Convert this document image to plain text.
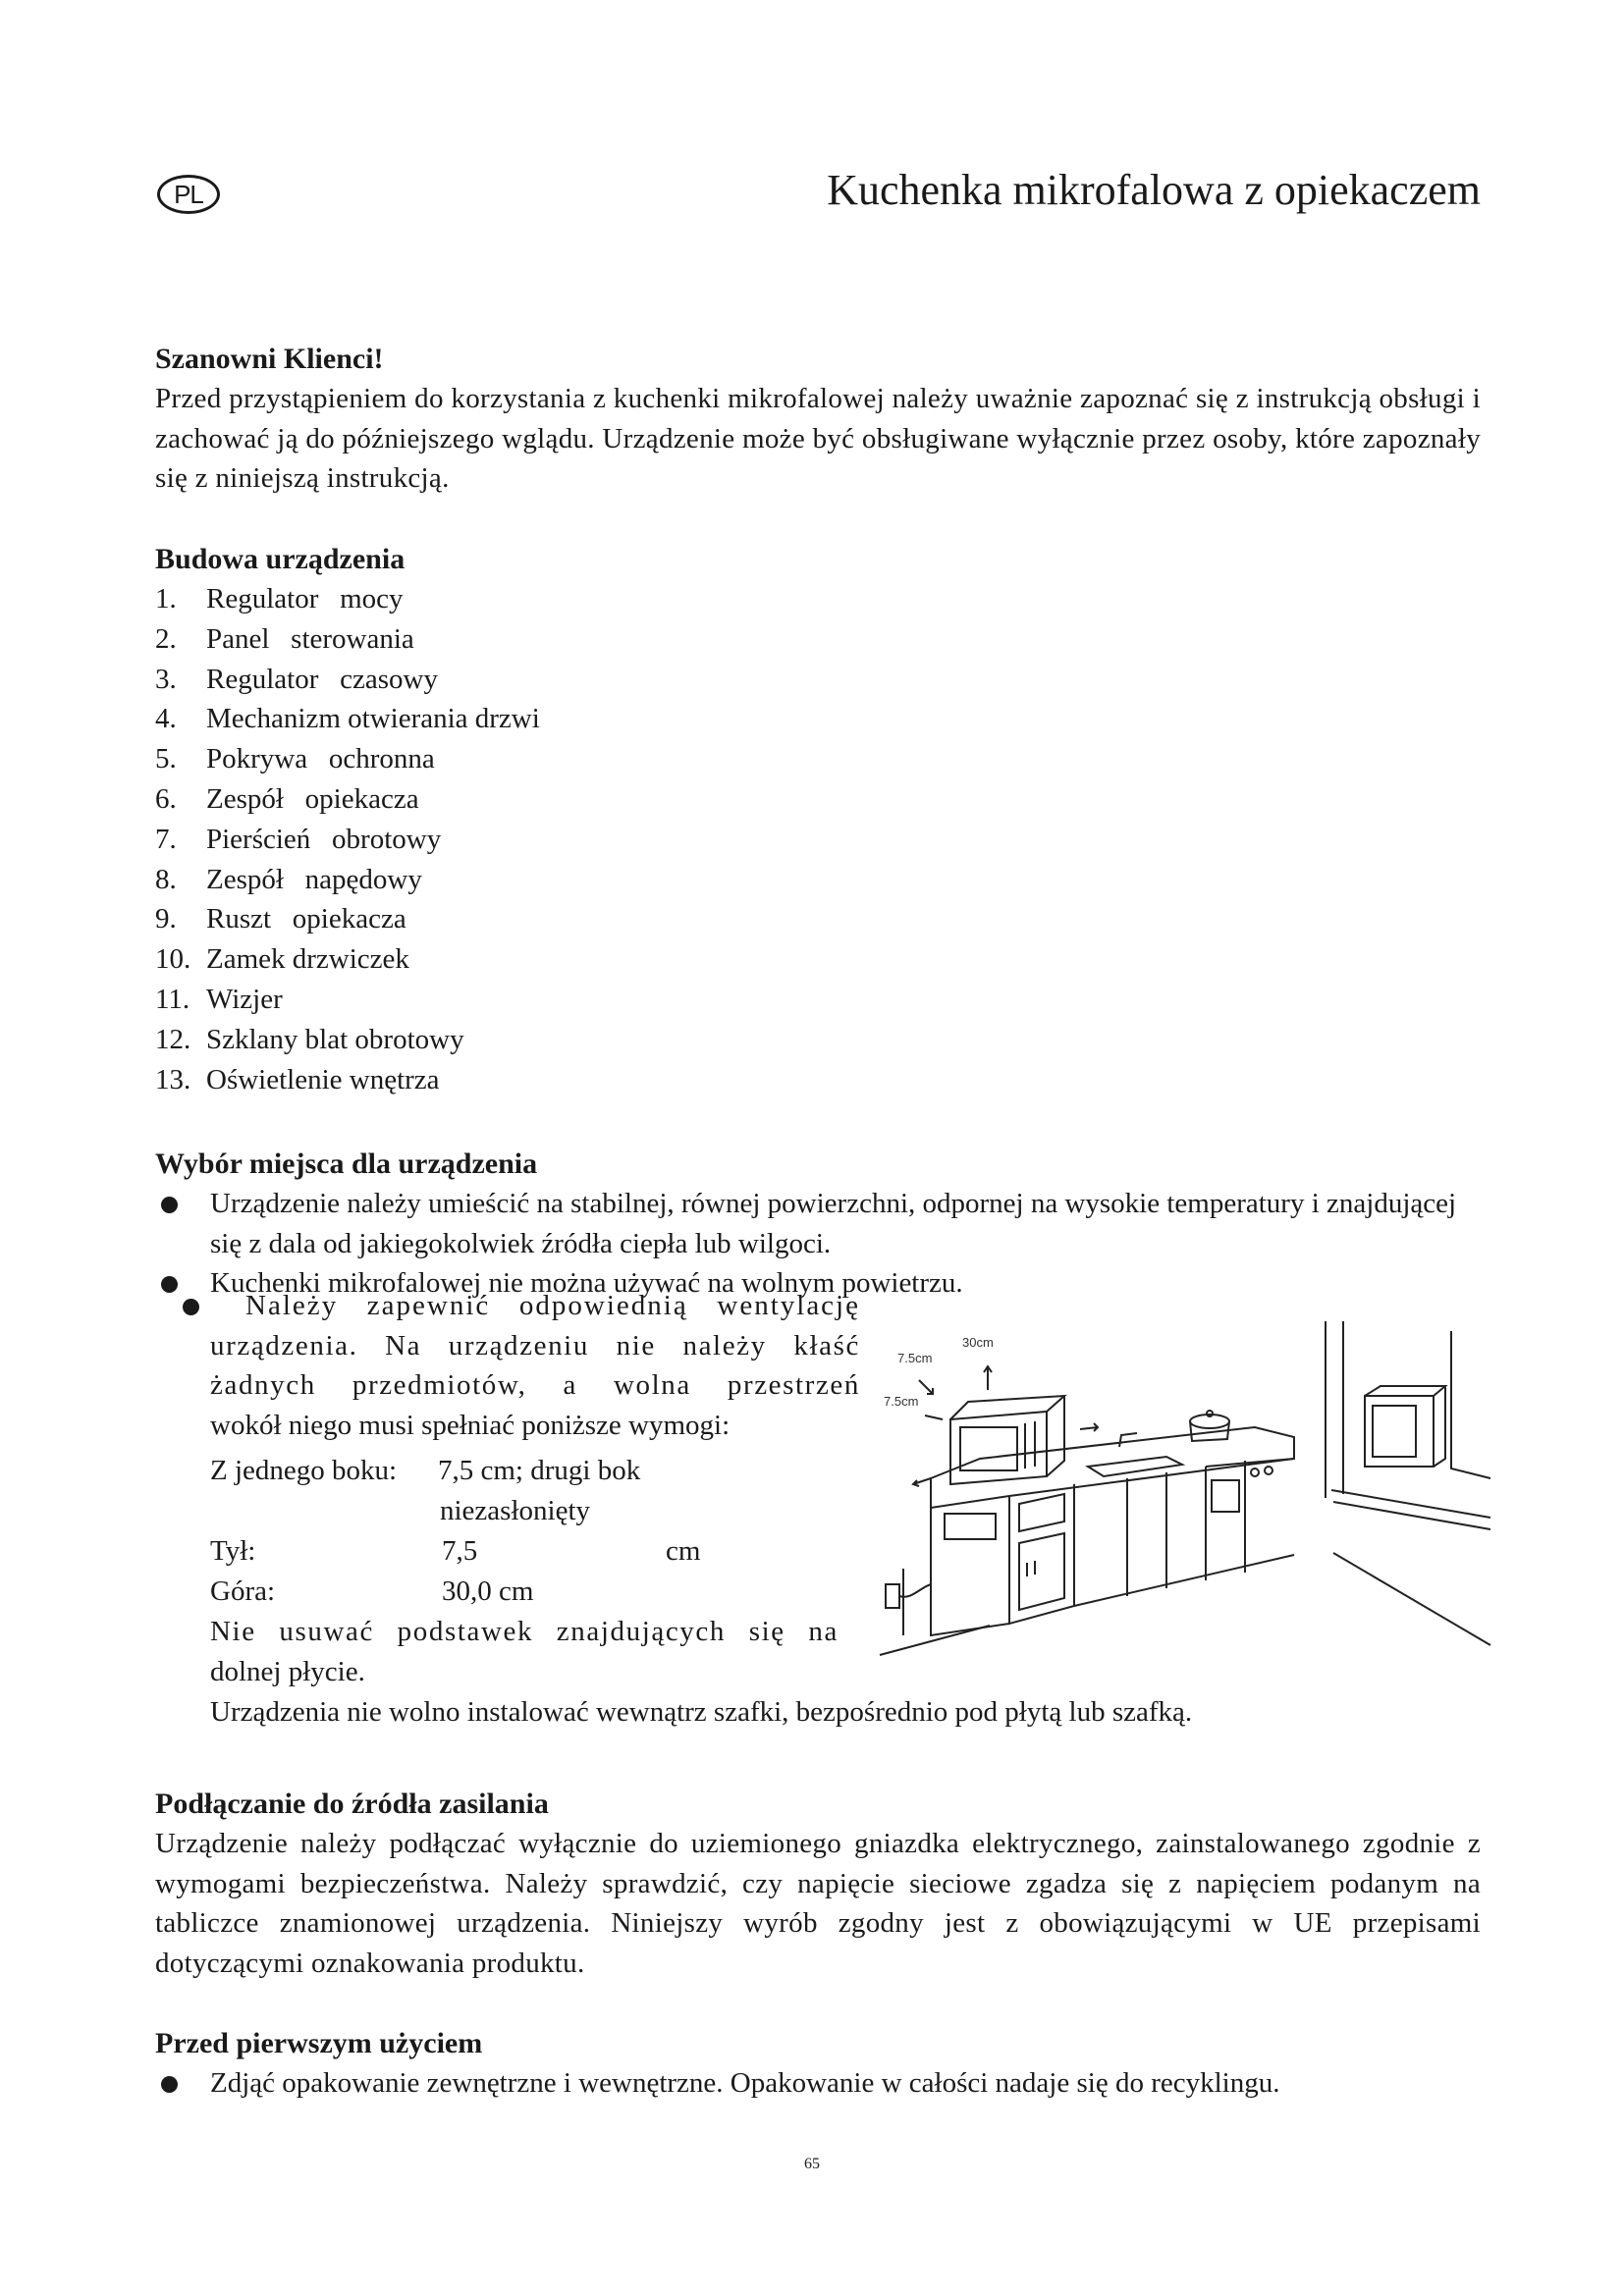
PL	Kuchenka mikrofalowa z opiekaczem
Szanowni Klienci!

Przed przystąpieniem do korzystania z kuchenki mikrofalowej należy uważnie zapoznać się z instrukcją obsługi i zachować ją do późniejszego wglądu. Urządzenie może być obsługiwane wyłącznie przez osoby, które zapoznały się z niniejszą instrukcją.

Budowa urządzenia
1.	Regulator   mocy
2.	Panel   sterowania
3.	Regulator   czasowy
4.	Mechanizm otwierania drzwi
5.	Pokrywa   ochronna
6.	Zespół   opiekacza
7.	Pierścień   obrotowy
8.	Zespół   napędowy
9.	Ruszt   opiekacza
10. Zamek drzwiczek
11. Wizjer
12. Szklany blat obrotowy
13. Oświetlenie wnętrza
Wybór miejsca dla urządzenia
Urządzenie należy umieścić na stabilnej, równej powierzchni, odpornej na wysokie temperatury i znajdującej się z dala od jakiegokolwiek źródła ciepła lub wilgoci.
Kuchenki mikrofalowej nie można używać na wolnym powietrzu.
Należy zapewnić odpowiednią wentylację
urządzenia. Na urządzeniu nie należy kłaść
żadnych przedmiotów, a wolna przestrzeń
wokół niego musi spełniać poniższe wymogi:
Z jednego boku: 7,5 cm; drugi bok
niezasłonięty
Tył:	7,5	cm
Góra:	30,0 cm
Nie usuwać podstawek znajdujących się na
dolnej płycie.
Urządzenia nie wolno instalować wewnątrz szafki, bezpośrednio pod płytą lub szafką.
30cm
7.5cm
7.5cm
Podłączanie do źródła zasilania

Urządzenie należy podłączać wyłącznie do uziemionego gniazdka elektrycznego, zainstalowanego zgodnie z wymogami bezpieczeństwa. Należy sprawdzić, czy napięcie sieciowe zgadza się z napięciem podanym na tabliczce znamionowej urządzenia. Niniejszy wyrób zgodny jest z obowiązującymi w UE przepisami dotyczącymi oznakowania produktu.

Przed pierwszym użyciem
Zdjąć opakowanie zewnętrzne i wewnętrzne. Opakowanie w całości nadaje się do recyklingu.
65
